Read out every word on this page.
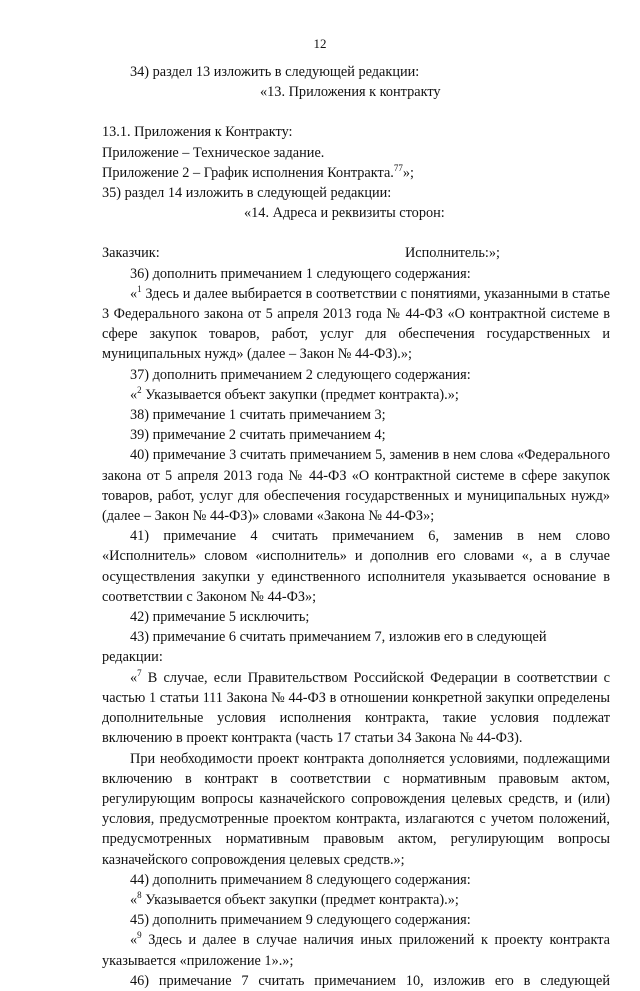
12

34) раздел 13 изложить в следующей редакции:

«13. Приложения к контракту

13.1. Приложения к Контракту:

Приложение – Техническое задание.

Приложение 2 – График исполнения Контракта.$^{77}$»;

35) раздел 14 изложить в следующей редакции:

«14. Адреса и реквизиты сторон:

Заказчик:	Исполнитель:»;

36) дополнить примечанием 1 следующего содержания:

«$^1$ Здесь и далее выбирается в соответствии с понятиями, указанными в статье 3 Федерального закона от 5 апреля 2013 года № 44-ФЗ «О контрактной системе в сфере закупок товаров, работ, услуг для обеспечения государственных и муниципальных нужд» (далее – Закон № 44-ФЗ).»;

37) дополнить примечанием 2 следующего содержания:

«$^2$ Указывается объект закупки (предмет контракта).»;

38) примечание 1 считать примечанием 3;

39) примечание 2 считать примечанием 4;

40) примечание 3 считать примечанием 5, заменив в нем слова «Федерального закона от 5 апреля 2013 года № 44-ФЗ «О контрактной системе в сфере закупок товаров, работ, услуг для обеспечения государственных и муниципальных нужд» (далее – Закон № 44-ФЗ)» словами «Закона № 44-ФЗ»;

41) примечание 4 считать примечанием 6, заменив в нем слово «Исполнитель» словом «исполнитель» и дополнив его словами «, а в случае осуществления закупки у единственного исполнителя указывается основание в соответствии с Законом № 44-ФЗ»;

42) примечание 5 исключить;

43) примечание 6 считать примечанием 7, изложив его в следующей редакции:

«$^7$ В случае, если Правительством Российской Федерации в соответствии с частью 1 статьи 111 Закона № 44-ФЗ в отношении конкретной закупки определены дополнительные условия исполнения контракта, такие условия подлежат включению в проект контракта (часть 17 статьи 34 Закона № 44-ФЗ).

При необходимости проект контракта дополняется условиями, подлежащими включению в контракт в соответствии с нормативным правовым актом, регулирующим вопросы казначейского сопровождения целевых средств, и (или) условия, предусмотренные проектом контракта, излагаются с учетом положений, предусмотренных нормативным правовым актом, регулирующим вопросы казначейского сопровождения целевых средств.»;

44) дополнить примечанием 8 следующего содержания:

«$^8$ Указывается объект закупки (предмет контракта).»;

45) дополнить примечанием 9 следующего содержания:

«$^9$ Здесь и далее в случае наличия иных приложений к проекту контракта указывается «приложение 1».»;

46) примечание 7 считать примечанием 10, изложив его в следующей
